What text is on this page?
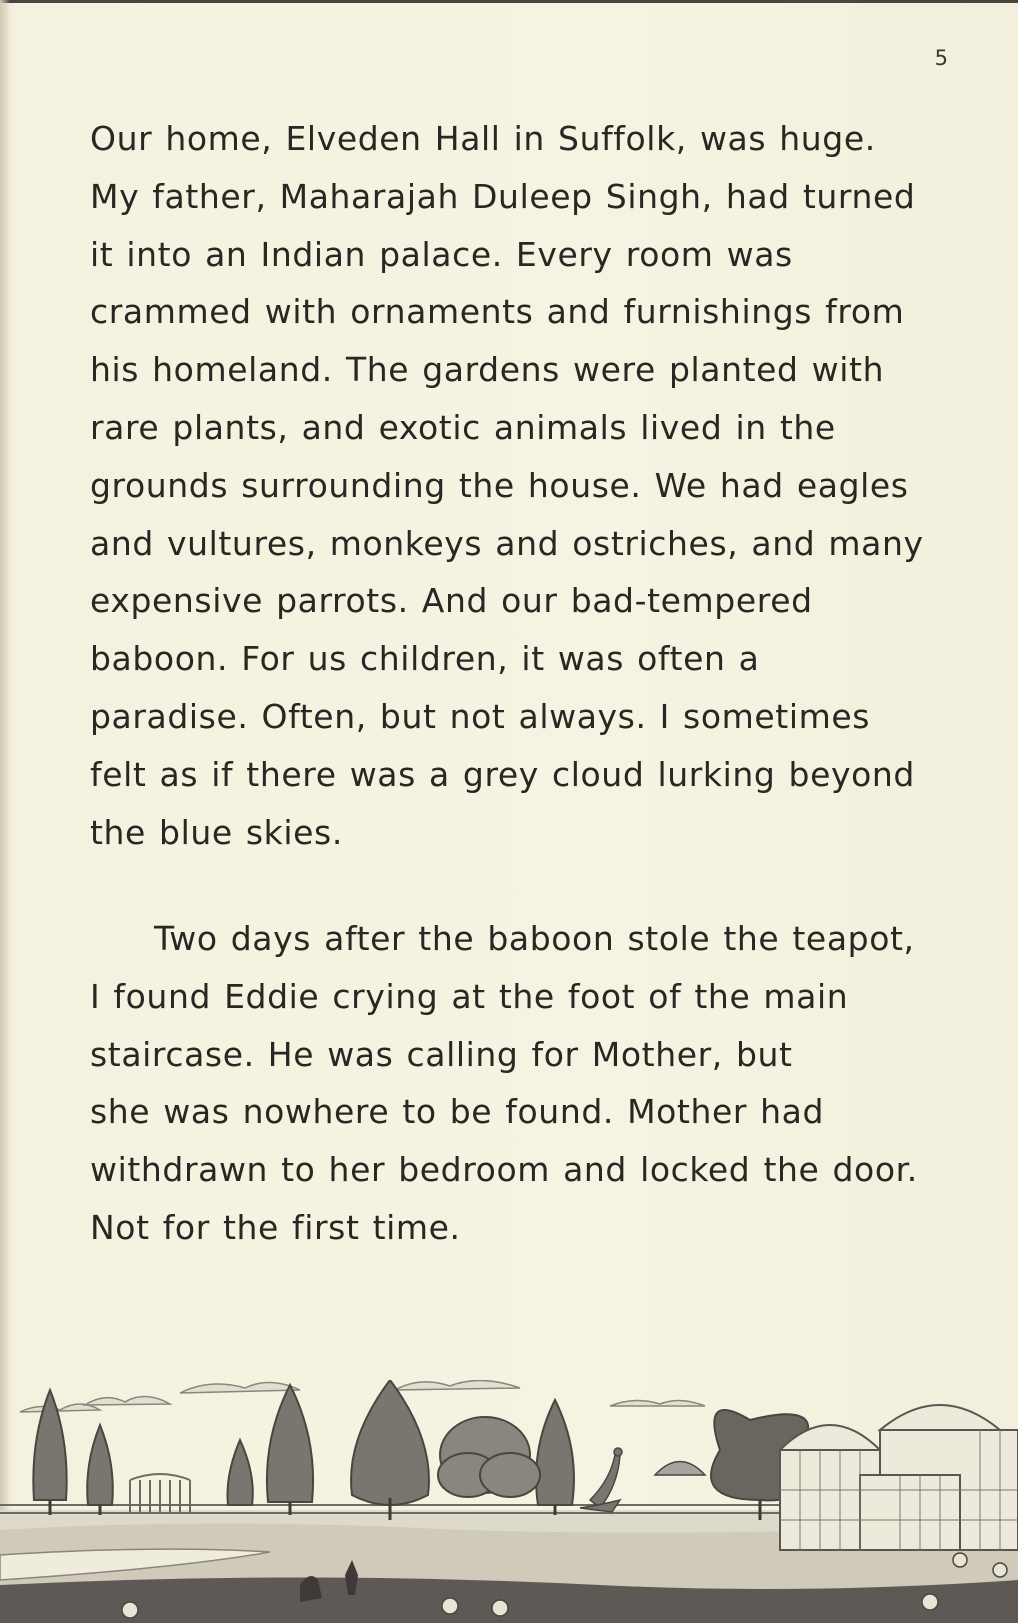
5

Our home, Elveden Hall in Suffolk, was huge.
My father, Maharajah Duleep Singh, had turned
it into an Indian palace. Every room was
crammed with ornaments and furnishings from
his homeland. The gardens were planted with
rare plants, and exotic animals lived in the
grounds surrounding the house. We had eagles
and vultures, monkeys and ostriches, and many
expensive parrots. And our bad-tempered
baboon. For us children, it was often a
paradise. Often, but not always. I sometimes
felt as if there was a grey cloud lurking beyond
the blue skies.

Two days after the baboon stole the teapot,
I found Eddie crying at the foot of the main
staircase. He was calling for Mother, but
she was nowhere to be found. Mother had
withdrawn to her bedroom and locked the door.
Not for the first time.
